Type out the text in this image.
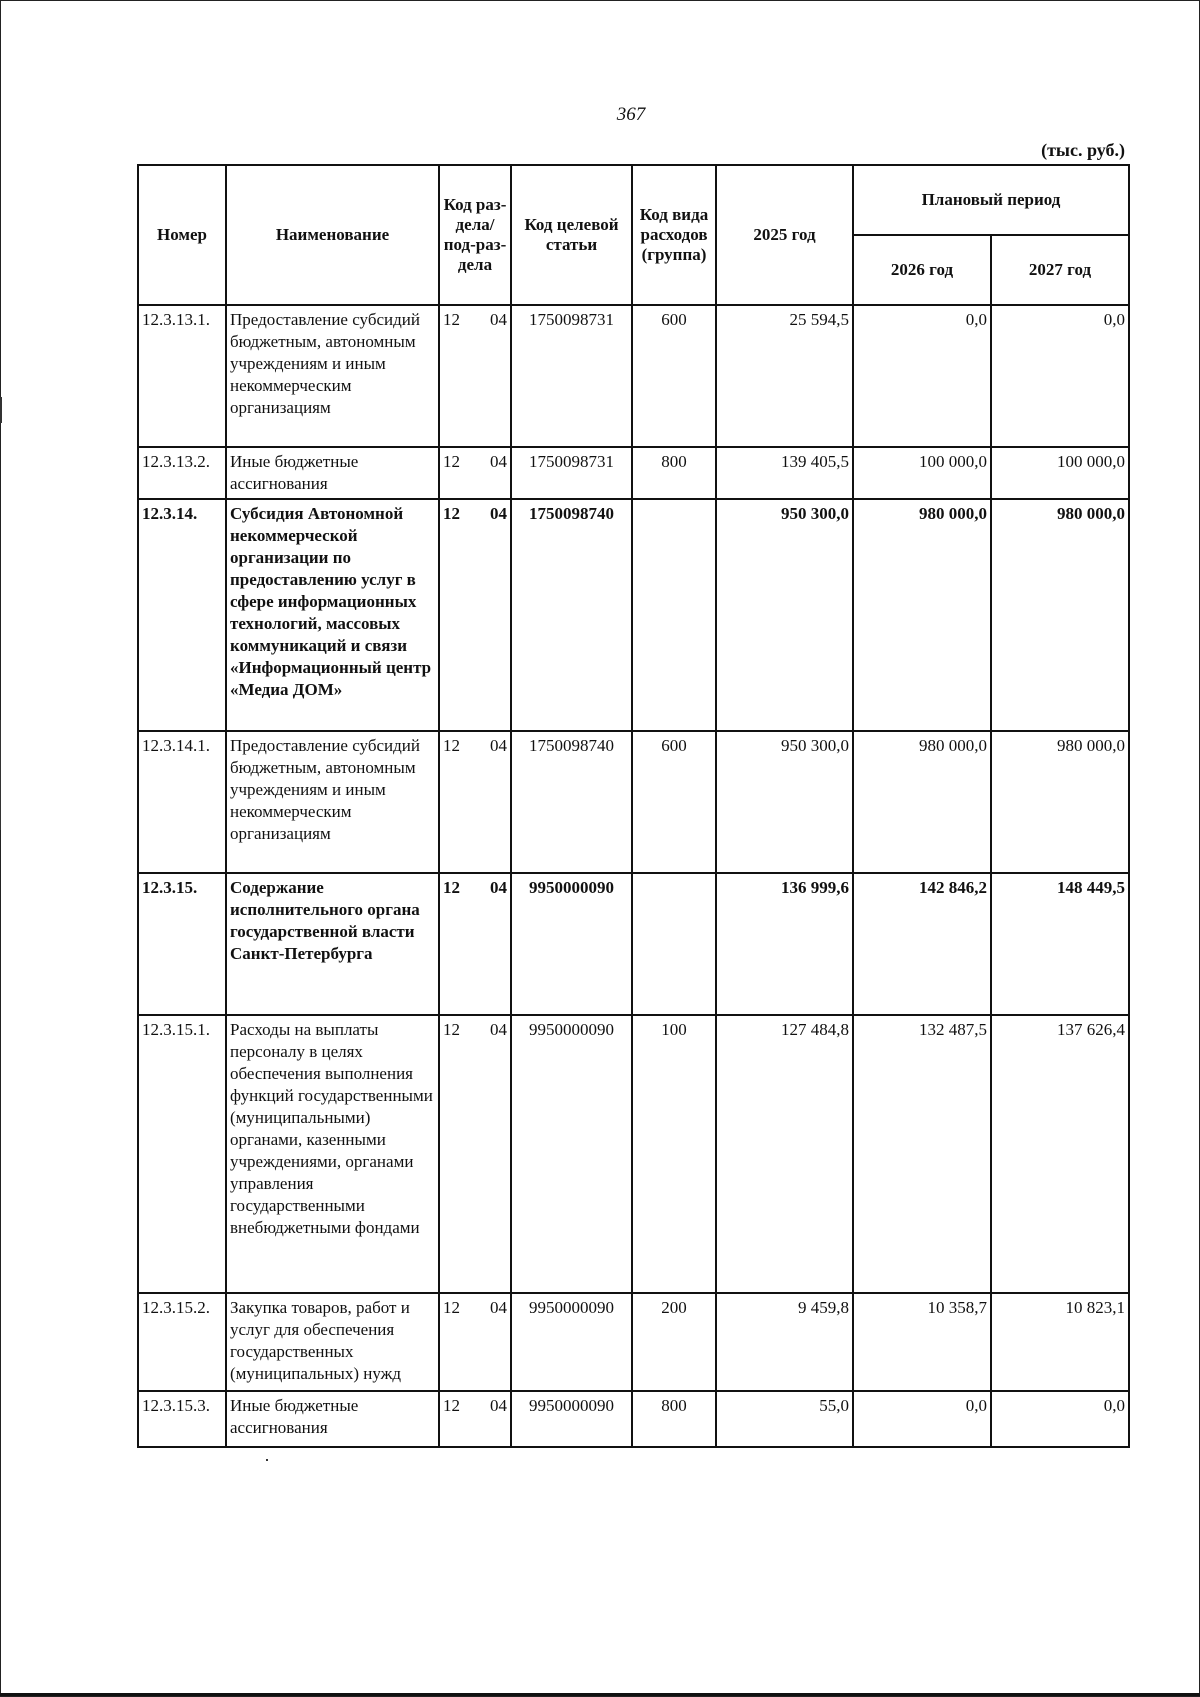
367
(тыс. руб.)
Номер	Наименование	Код раз-дела/ под-раз-дела	Код целевой статьи	Код вида расходов (группа)	2025 год	Плановый период	
						2026 год	2027 год
12.3.13.1.	Предоставление субсидий бюджетным, автономным учреждениям и иным некоммерческим организациям	12 04	1750098731	600	25 594,5	0,0	0,0
12.3.13.2.	Иные бюджетные ассигнования	12 04	1750098731	800	139 405,5	100 000,0	100 000,0
12.3.14.	Субсидия Автономной некоммерческой организации по предоставлению услуг в сфере информационных технологий, массовых коммуникаций и связи «Информационный центр «Медиа ДОМ»	12 04	1750098740		950 300,0	980 000,0	980 000,0
12.3.14.1.	Предоставление субсидий бюджетным, автономным учреждениям и иным некоммерческим организациям	12 04	1750098740	600	950 300,0	980 000,0	980 000,0
12.3.15.	Содержание исполнительного органа государственной власти Санкт-Петербурга	12 04	9950000090		136 999,6	142 846,2	148 449,5
12.3.15.1.	Расходы на выплаты персоналу в целях обеспечения выполнения функций государственными (муниципальными) органами, казенными учреждениями, органами управления государственными внебюджетными фондами	12 04	9950000090	100	127 484,8	132 487,5	137 626,4
12.3.15.2.	Закупка товаров, работ и услуг для обеспечения государственных (муниципальных) нужд	12 04	9950000090	200	9 459,8	10 358,7	10 823,1
12.3.15.3.	Иные бюджетные ассигнования	12 04	9950000090	800	55,0	0,0	0,0
